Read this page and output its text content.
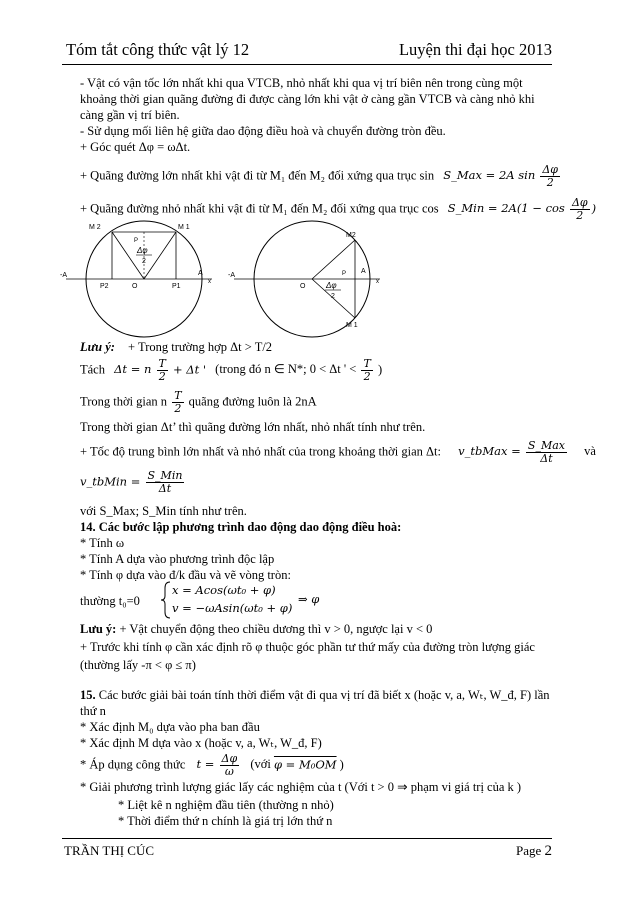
Tóm tắt công thức vật lý 12	Luyện thi đại học 2013
- Vật có vận tốc lớn nhất khi qua VTCB, nhỏ nhất khi qua vị trí biên nên trong cùng một
khoảng thời gian quãng đường đi được càng lớn khi vật ở càng gần VTCB và càng nhỏ khi
càng gần vị trí biên.
- Sử dụng mối liên hệ giữa dao động điều hoà và chuyển đường tròn đều.
+ Góc quét Δφ = ωΔt.
+ Quãng đường lớn nhất khi vật đi từ M₁ đến M₂ đối xứng qua trục sin S_Max = 2A $\sin \frac{\Delta\varphi}{2}$
+ Quãng đường nhỏ nhất khi vật đi từ M₁ đến M₂ đối xứng qua trục cos S_Min = $2A(1 - \cos \frac{\Delta\varphi}{2}$ )
M 2	M 1
P
-A	A
x
P2	O	P1
Δφ
2
M2
M 1
P
-A
A
x
O	Δφ
2
Lưu ý: + Trong trường hợp Δt > T/2
Tách Δt = n $\frac{T}{2} + \Delta t$ ' (trong đó n ∈ N*; 0 < Δt ' < $\frac{T}{2}$ )
Trong thời gian n $\frac{T}{2}$ quãng đường luôn là 2nA
Trong thời gian Δt’ thì quãng đường lớn nhất, nhỏ nhất tính như trên.
+ Tốc độ trung bình lớn nhất và nhỏ nhất của trong khoảng thời gian Δt: v_tbMax = $\frac{\text{S\_Max}}{\Delta t}$ và
v_tbMin = $\frac{\text{S\_Min}}{\Delta t}$
với S_Max; S_Min tính như trên.
14. Các bước lập phương trình dao động dao động điều hoà:
* Tính ω
* Tính A dựa vào phương trình độc lập
* Tính φ dựa vào đ/k đầu và vẽ vòng tròn:
thường t₀=0
x = Acos(ωt₀ + φ)
v = −ωAsin(ωt₀ + φ)
⇒ φ
Lưu ý: + Vật chuyển động theo chiều dương thì v > 0, ngược lại v < 0
+ Trước khi tính φ cần xác định rõ φ thuộc góc phần tư thứ mấy của đường tròn lượng giác
(thường lấy -π < φ ≤ π)
15. Các bước giải bài toán tính thời điểm vật đi qua vị trí đã biết x (hoặc v, a, Wₜ, W_đ, F) lần
thứ n
* Xác định M₀ dựa vào pha ban đầu
* Xác định M dựa vào x (hoặc v, a, Wₜ, W_đ, F)
* Áp dụng công thức $t = \frac{\Delta\varphi}{\omega}$ (với φ = M₀OM )
* Giải phương trình lượng giác lấy các nghiệm của t (Với t > 0 ⇒ phạm vi giá trị của k )
* Liệt kê n nghiệm đầu tiên (thường n nhỏ)
* Thời điểm thứ n chính là giá trị lớn thứ n
TRẦN THỊ CÚC	Page 2
